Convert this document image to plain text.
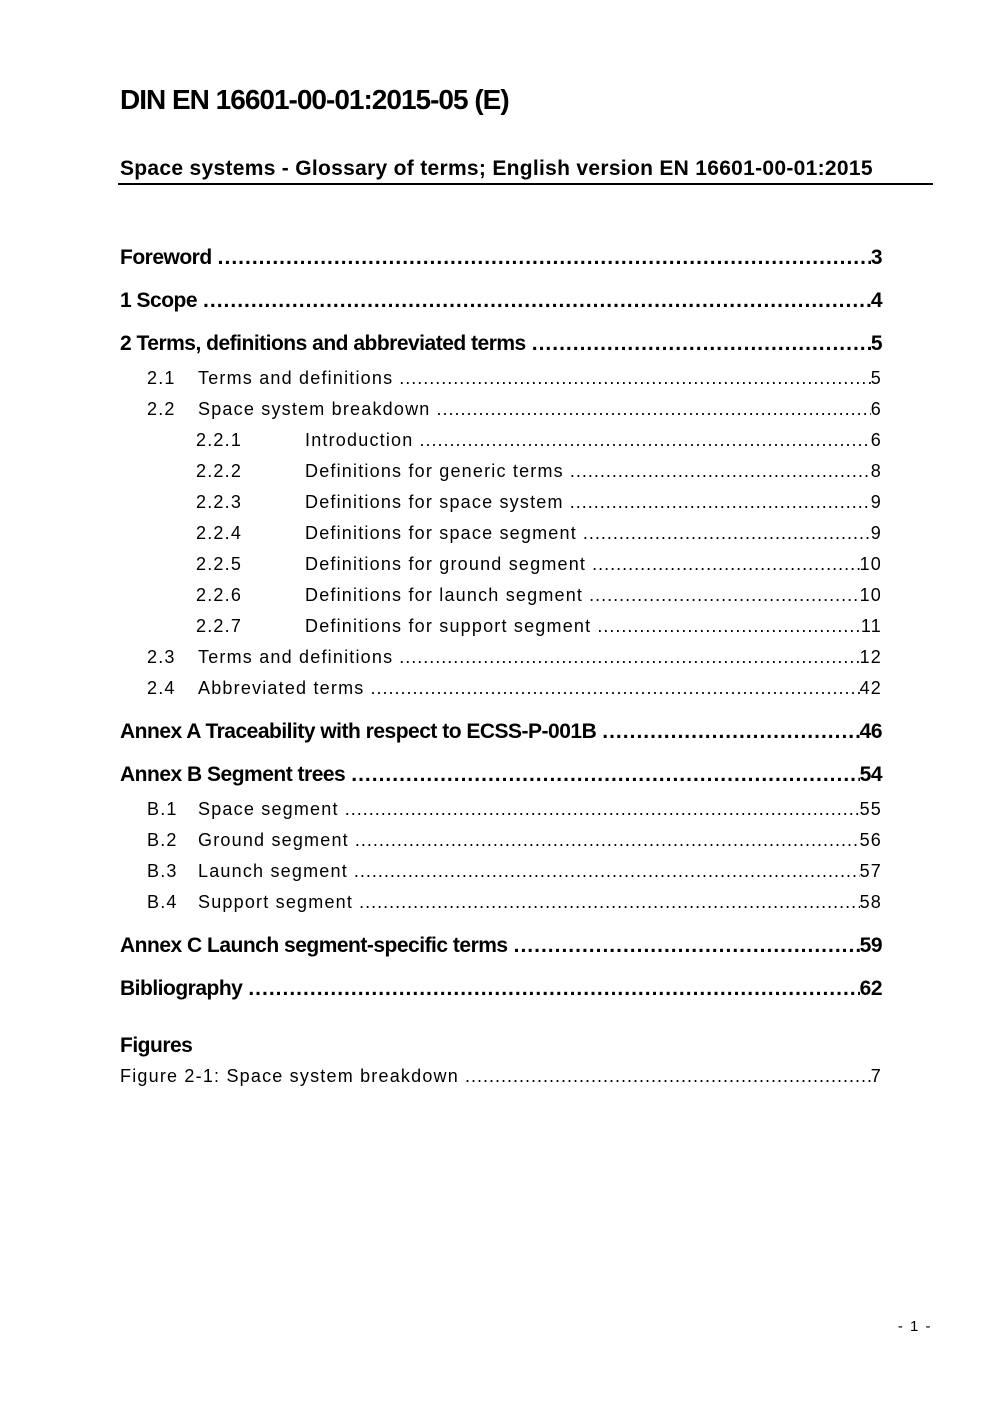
DIN EN 16601-00-01:2015-05 (E)
Space systems - Glossary of terms; English version EN 16601-00-01:2015
Foreword .....	3
1 Scope .....	4
2 Terms, definitions and abbreviated terms .....	5
2.1	Terms and definitions .....	5
2.2	Space system breakdown .....	6
2.2.1	Introduction .....	6
2.2.2	Definitions for generic terms .....	8
2.2.3	Definitions for space system .....	9
2.2.4	Definitions for space segment .....	9
2.2.5	Definitions for ground segment .....	10
2.2.6	Definitions for launch segment .....	10
2.2.7	Definitions for support segment .....	11
2.3	Terms and definitions .....	12
2.4	Abbreviated terms .....	42
Annex A Traceability with respect to ECSS-P-001B .....	46
Annex B Segment trees .....	54
B.1	Space segment .....	55
B.2	Ground segment .....	56
B.3	Launch segment .....	57
B.4	Support segment .....	58
Annex C Launch segment-specific terms .....	59
Bibliography .....	62
Figures
Figure 2-1: Space system breakdown .....	7
- 1 -
